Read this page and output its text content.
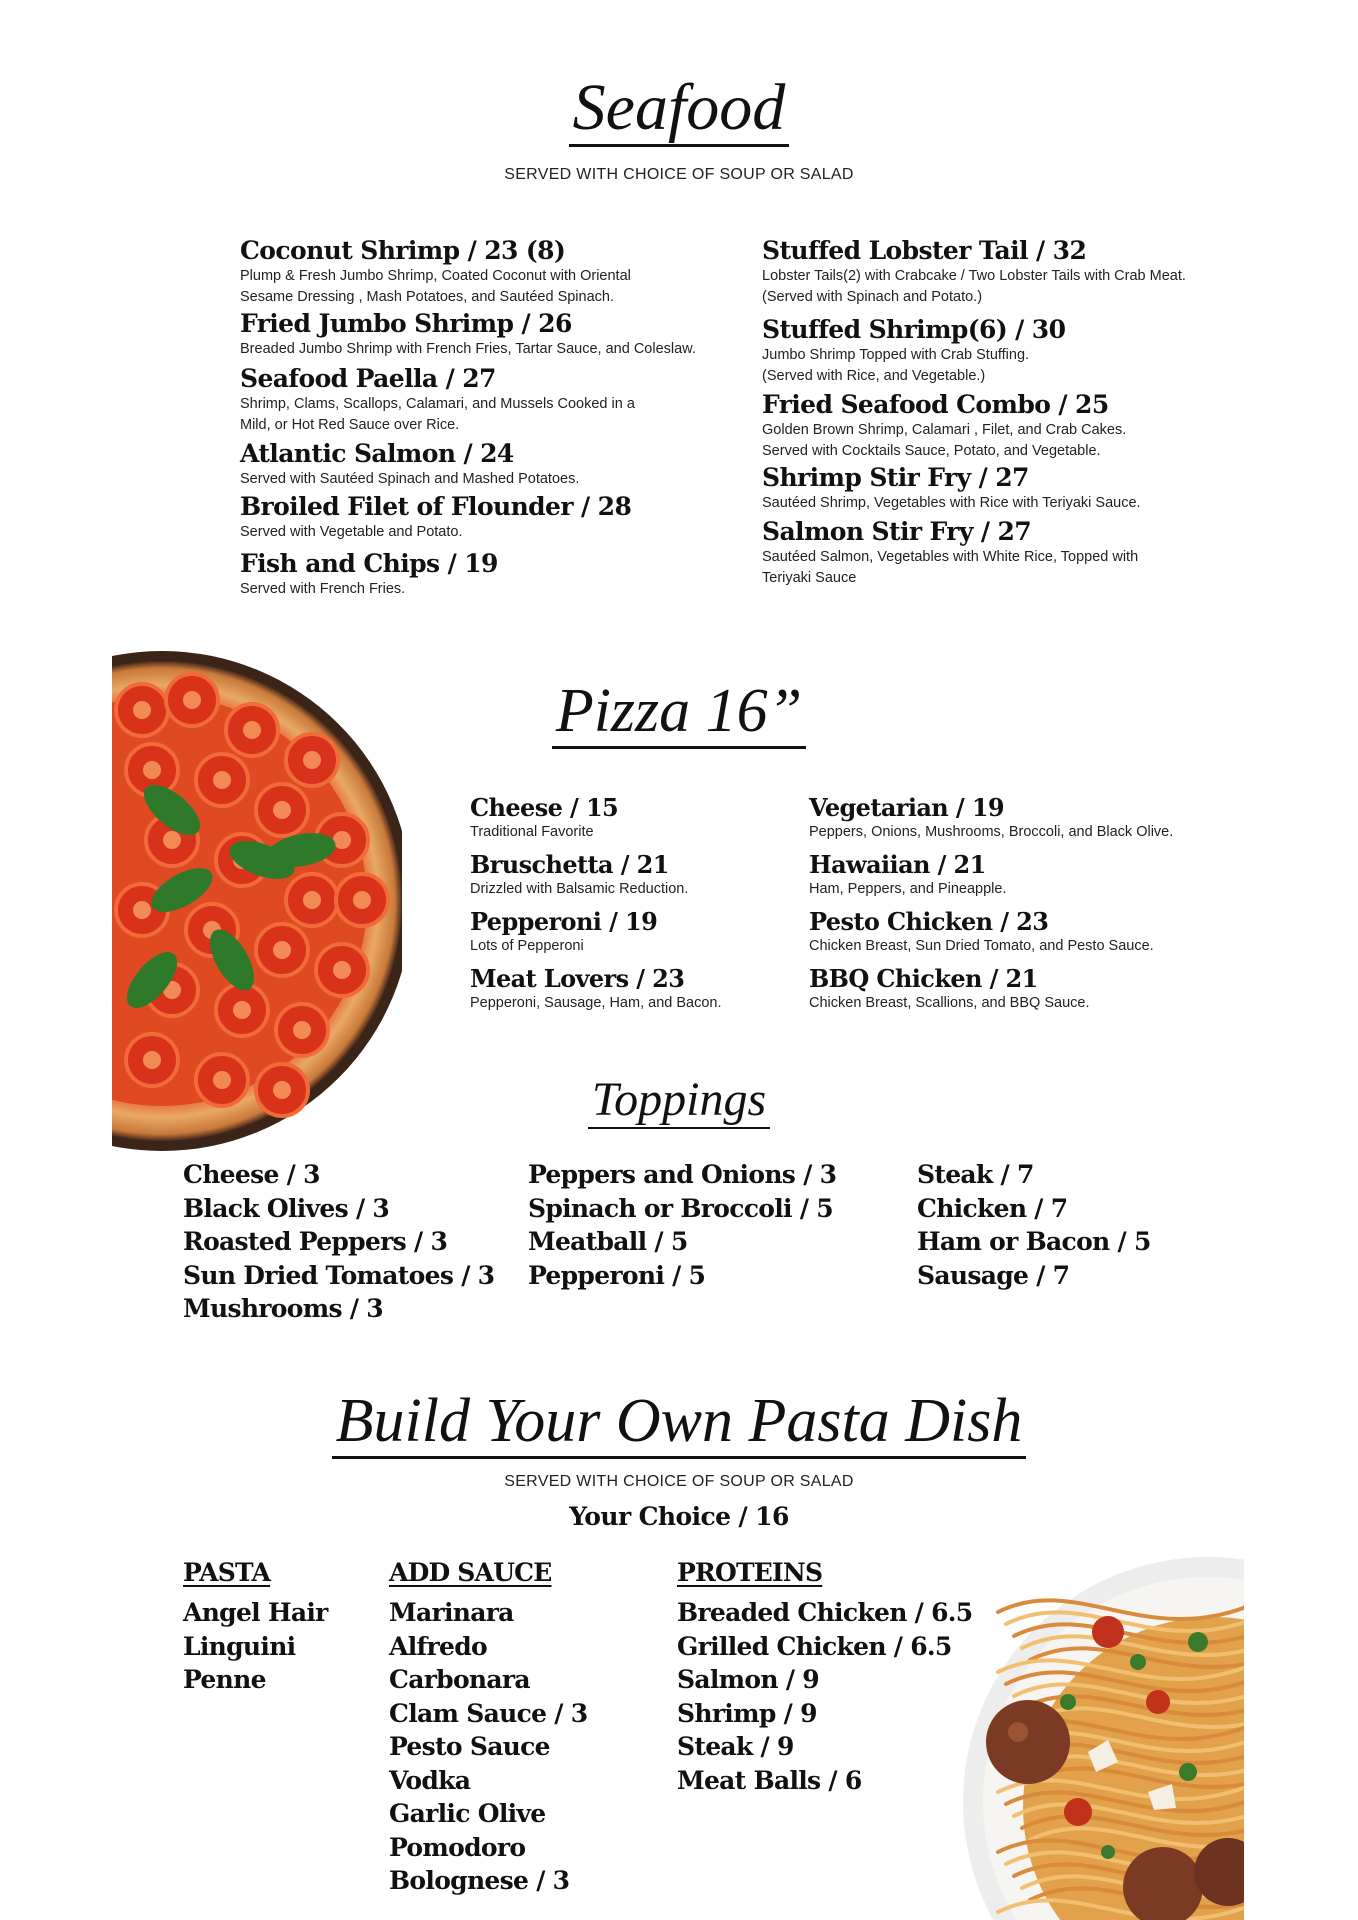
Seafood
SERVED WITH CHOICE OF SOUP OR SALAD
Coconut Shrimp / 23 (8)
Plump & Fresh Jumbo Shrimp, Coated Coconut with Oriental
Sesame Dressing , Mash Potatoes, and Sautéed Spinach.
Fried Jumbo Shrimp / 26
Breaded Jumbo Shrimp with French Fries, Tartar Sauce, and Coleslaw.
Seafood Paella / 27
Shrimp, Clams, Scallops, Calamari, and Mussels Cooked in a
Mild, or Hot Red Sauce over Rice.
Atlantic Salmon / 24
Served with Sautéed Spinach and Mashed Potatoes.
Broiled Filet of Flounder / 28
Served with Vegetable and Potato.
Fish and Chips / 19
Served with French Fries.
Stuffed Lobster Tail / 32
Lobster Tails(2) with Crabcake / Two Lobster Tails with Crab Meat.
(Served with Spinach and Potato.)
Stuffed Shrimp(6) / 30
Jumbo Shrimp Topped with Crab Stuffing.
(Served with Rice, and Vegetable.)
Fried Seafood Combo / 25
Golden Brown Shrimp, Calamari , Filet, and Crab Cakes.
Served with Cocktails Sauce, Potato, and Vegetable.
Shrimp Stir Fry / 27
Sautéed Shrimp, Vegetables with Rice with Teriyaki Sauce.
Salmon Stir Fry / 27
Sautéed Salmon, Vegetables with White Rice, Topped with
Teriyaki Sauce
Pizza 16”
Cheese / 15
Traditional Favorite
Bruschetta / 21
Drizzled with Balsamic Reduction.
Pepperoni / 19
Lots of Pepperoni
Meat Lovers / 23
Pepperoni, Sausage, Ham, and Bacon.
Vegetarian / 19
Peppers, Onions, Mushrooms, Broccoli, and Black Olive.
Hawaiian / 21
Ham, Peppers, and Pineapple.
Pesto Chicken / 23
Chicken Breast, Sun Dried Tomato, and Pesto Sauce.
BBQ Chicken / 21
Chicken Breast, Scallions, and BBQ Sauce.
Toppings
Cheese / 3
Black Olives / 3
Roasted Peppers / 3
Sun Dried Tomatoes / 3
Mushrooms / 3
Peppers and Onions / 3
Spinach or Broccoli / 5
Meatball / 5
Pepperoni / 5
Steak / 7
Chicken / 7
Ham or Bacon / 5
Sausage / 7
Build Your Own Pasta Dish
SERVED WITH CHOICE OF SOUP OR SALAD
Your Choice / 16
PASTA
Angel Hair
Linguini
Penne
ADD SAUCE
Marinara
Alfredo
Carbonara
Clam Sauce / 3
Pesto Sauce
Vodka
Garlic Olive
Pomodoro
Bolognese / 3
PROTEINS
Breaded Chicken / 6.5
Grilled Chicken / 6.5
Salmon / 9
Shrimp / 9
Steak / 9
Meat Balls / 6
